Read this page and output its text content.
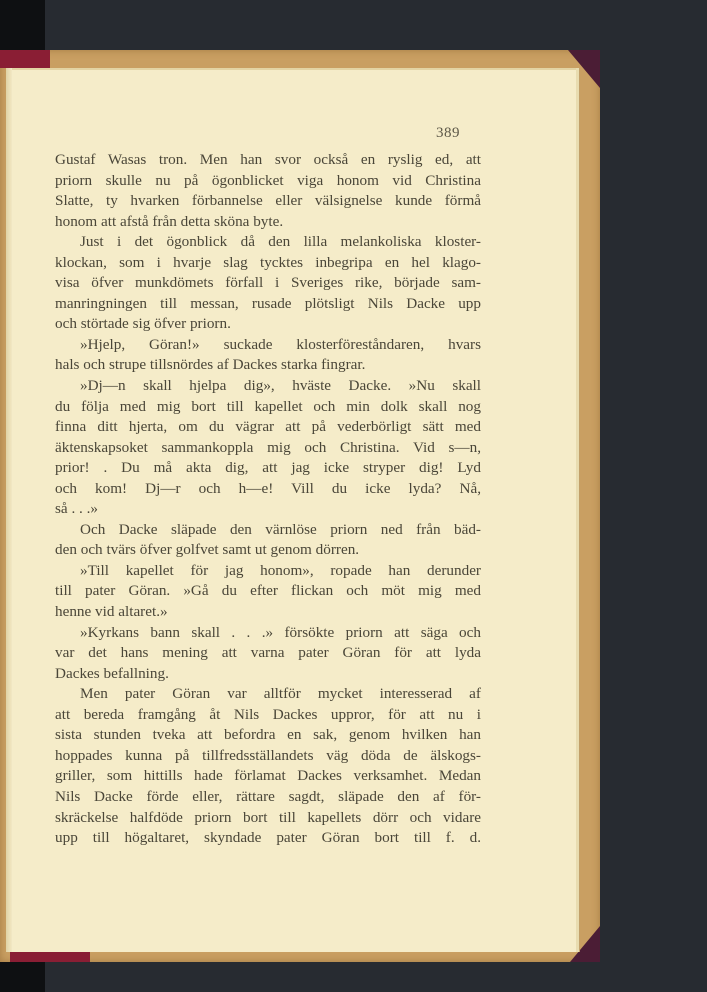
389

Gustaf Wasas tron. Men han svor också en ryslig ed, att

priorn skulle nu på ögonblicket viga honom vid Christina

Slatte, ty hvarken förbannelse eller välsignelse kunde förmå

honom att afstå från detta sköna byte.

Just i det ögonblick då den lilla melankoliska kloster-

klockan, som i hvarje slag tycktes inbegripa en hel klago-

visa öfver munkdömets förfall i Sveriges rike, började sam-

manringningen till messan, rusade plötsligt Nils Dacke upp

och störtade sig öfver priorn.

»Hjelp, Göran!» suckade klosterföreståndaren, hvars

hals och strupe tillsnördes af Dackes starka fingrar.

»Dj—n skall hjelpa dig», hväste Dacke. »Nu skall

du följa med mig bort till kapellet och min dolk skall nog

finna ditt hjerta, om du vägrar att på vederbörligt sätt med

äktenskapsoket sammankoppla mig och Christina. Vid s—n,

prior! . Du må akta dig, att jag icke stryper dig! Lyd

och kom! Dj—r och h—e! Vill du icke lyda? Nå,

så . . .»

Och Dacke släpade den värnlöse priorn ned från bäd-

den och tvärs öfver golfvet samt ut genom dörren.

»Till kapellet för jag honom», ropade han derunder

till pater Göran. »Gå du efter flickan och möt mig med

henne vid altaret.»

»Kyrkans bann skall . . .» försökte priorn att säga och

var det hans mening att varna pater Göran för att lyda

Dackes befallning.

Men pater Göran var alltför mycket interesserad af

att bereda framgång åt Nils Dackes uppror, för att nu i

sista stunden tveka att befordra en sak, genom hvilken han

hoppades kunna på tillfredsställandets väg döda de älskogs-

griller, som hittills hade förlamat Dackes verksamhet. Medan

Nils Dacke förde eller, rättare sagdt, släpade den af för-

skräckelse halfdöde priorn bort till kapellets dörr och vidare

upp till högaltaret, skyndade pater Göran bort till f. d.
